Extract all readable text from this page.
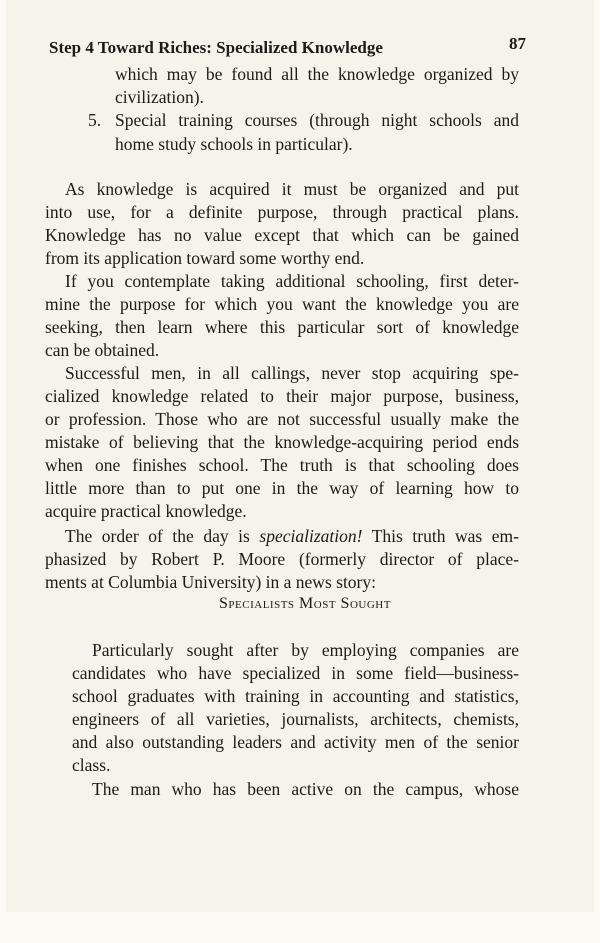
Step 4 Toward Riches: Specialized Knowledge	87
which may be found all the knowledge organized by
civilization).
5. Special training courses (through night schools and
home study schools in particular).
As knowledge is acquired it must be organized and put
into use, for a definite purpose, through practical plans.
Knowledge has no value except that which can be gained
from its application toward some worthy end.
If you contemplate taking additional schooling, first deter-
mine the purpose for which you want the knowledge you are
seeking, then learn where this particular sort of knowledge
can be obtained.
Successful men, in all callings, never stop acquiring spe-
cialized knowledge related to their major purpose, business,
or profession. Those who are not successful usually make the
mistake of believing that the knowledge-acquiring period ends
when one finishes school. The truth is that schooling does
little more than to put one in the way of learning how to
acquire practical knowledge.
The order of the day is specialization! This truth was em-
phasized by Robert P. Moore (formerly director of place-
ments at Columbia University) in a news story:
Specialists Most Sought
Particularly sought after by employing companies are
candidates who have specialized in some field—business-
school graduates with training in accounting and statistics,
engineers of all varieties, journalists, architects, chemists,
and also outstanding leaders and activity men of the senior
class.
The man who has been active on the campus, whose
